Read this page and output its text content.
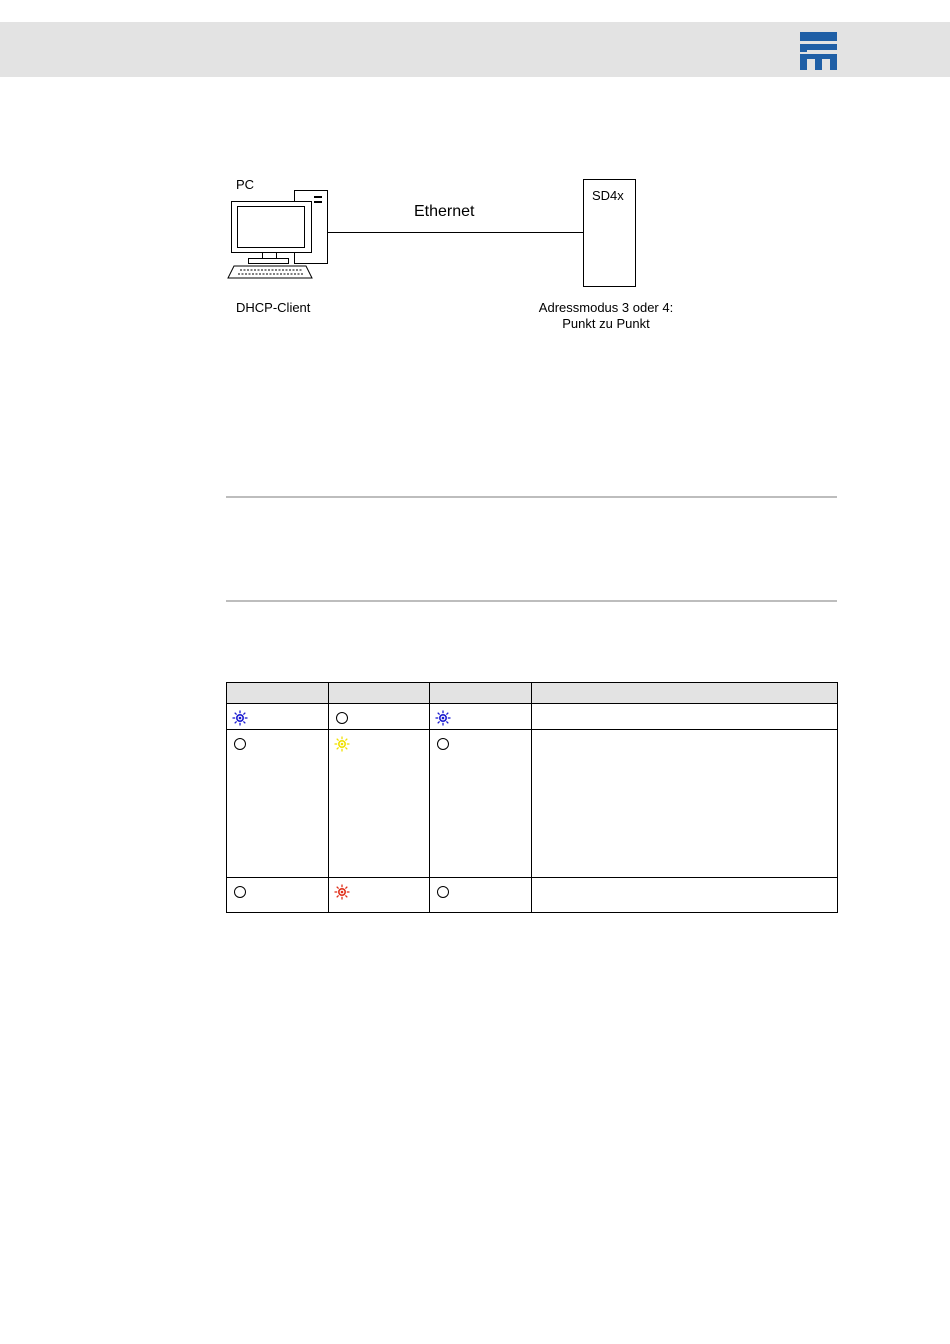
PC
Ethernet
SD4x
DHCP-Client	Adressmodus 3 oder 4:
Punkt zu Punkt
